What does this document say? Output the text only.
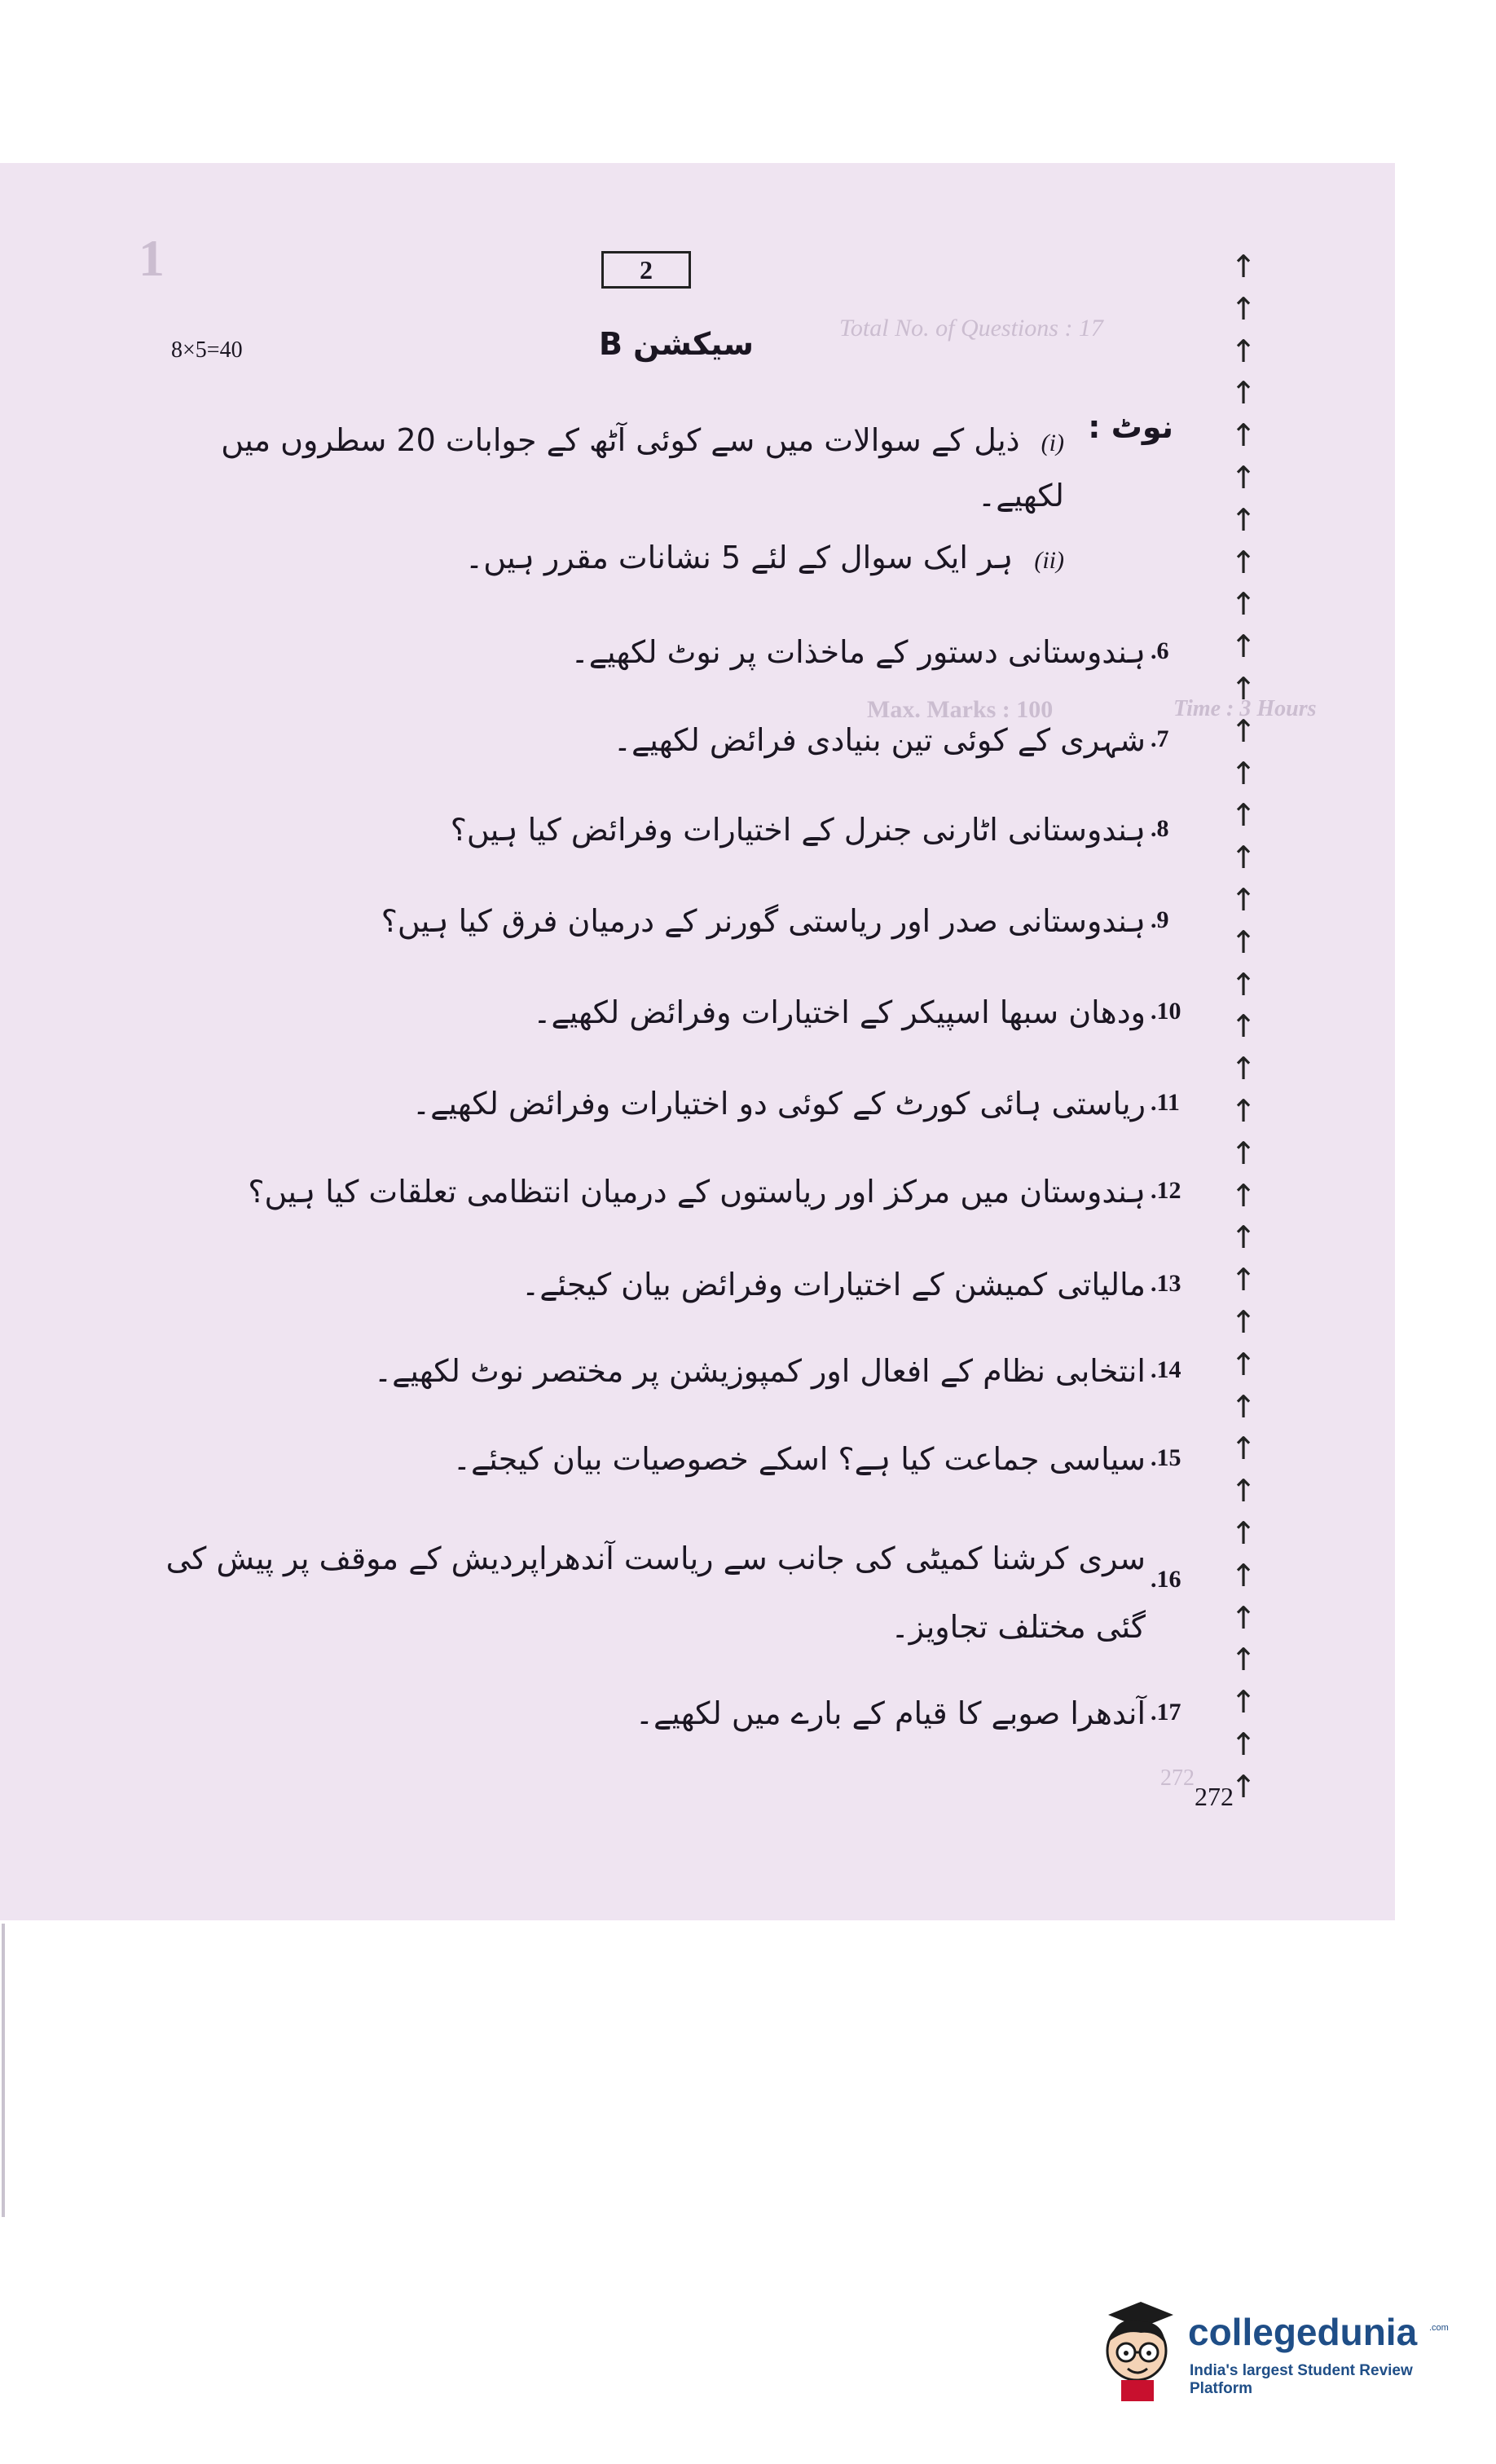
1
Total No. of Questions : 17
Time : 3 Hours
Max. Marks : 100
272
2
8×5=40	سیکشن B
نوٹ :
(i) ذیل کے سوالات میں سے کوئی آٹھ کے جوابات 20 سطروں میں
لکھیے۔
(ii) ہر ایک سوال کے لئے 5 نشانات مقرر ہیں۔
.6
ہندوستانی دستور کے ماخذات پر نوٹ لکھیے۔
.7
شہری کے کوئی تین بنیادی فرائض لکھیے۔
.8
ہندوستانی اٹارنی جنرل کے اختیارات وفرائض کیا ہیں؟
.9
ہندوستانی صدر اور ریاستی گورنر کے درمیان فرق کیا ہیں؟
.10
ودھان سبھا اسپیکر کے اختیارات وفرائض لکھیے۔
.11
ریاستی ہائی کورٹ کے کوئی دو اختیارات وفرائض لکھیے۔
.12
ہندوستان میں مرکز اور ریاستوں کے درمیان انتظامی تعلقات کیا ہیں؟
.13
مالیاتی کمیشن کے اختیارات وفرائض بیان کیجئے۔
.14
انتخابی نظام کے افعال اور کمپوزیشن پر مختصر نوٹ لکھیے۔
.15
سیاسی جماعت کیا ہے؟ اسکے خصوصیات بیان کیجئے۔
.16
سری کرشنا کمیٹی کی جانب سے ریاست آندھراپردیش کے موقف پر پیش کی گئی مختلف تجاویز۔
.17
آندھرا صوبے کا قیام کے بارے میں لکھیے۔
↑
↑
↑
↑
↑
↑
↑
↑
↑
↑
↑
↑
↑
↑
↑
↑
↑
↑
↑
↑
↑
↑
↑
↑
↑
↑
↑
↑
↑
↑
↑
↑
↑
↑
↑
↑
↑
272
collegedunia .com
India's largest Student Review Platform
